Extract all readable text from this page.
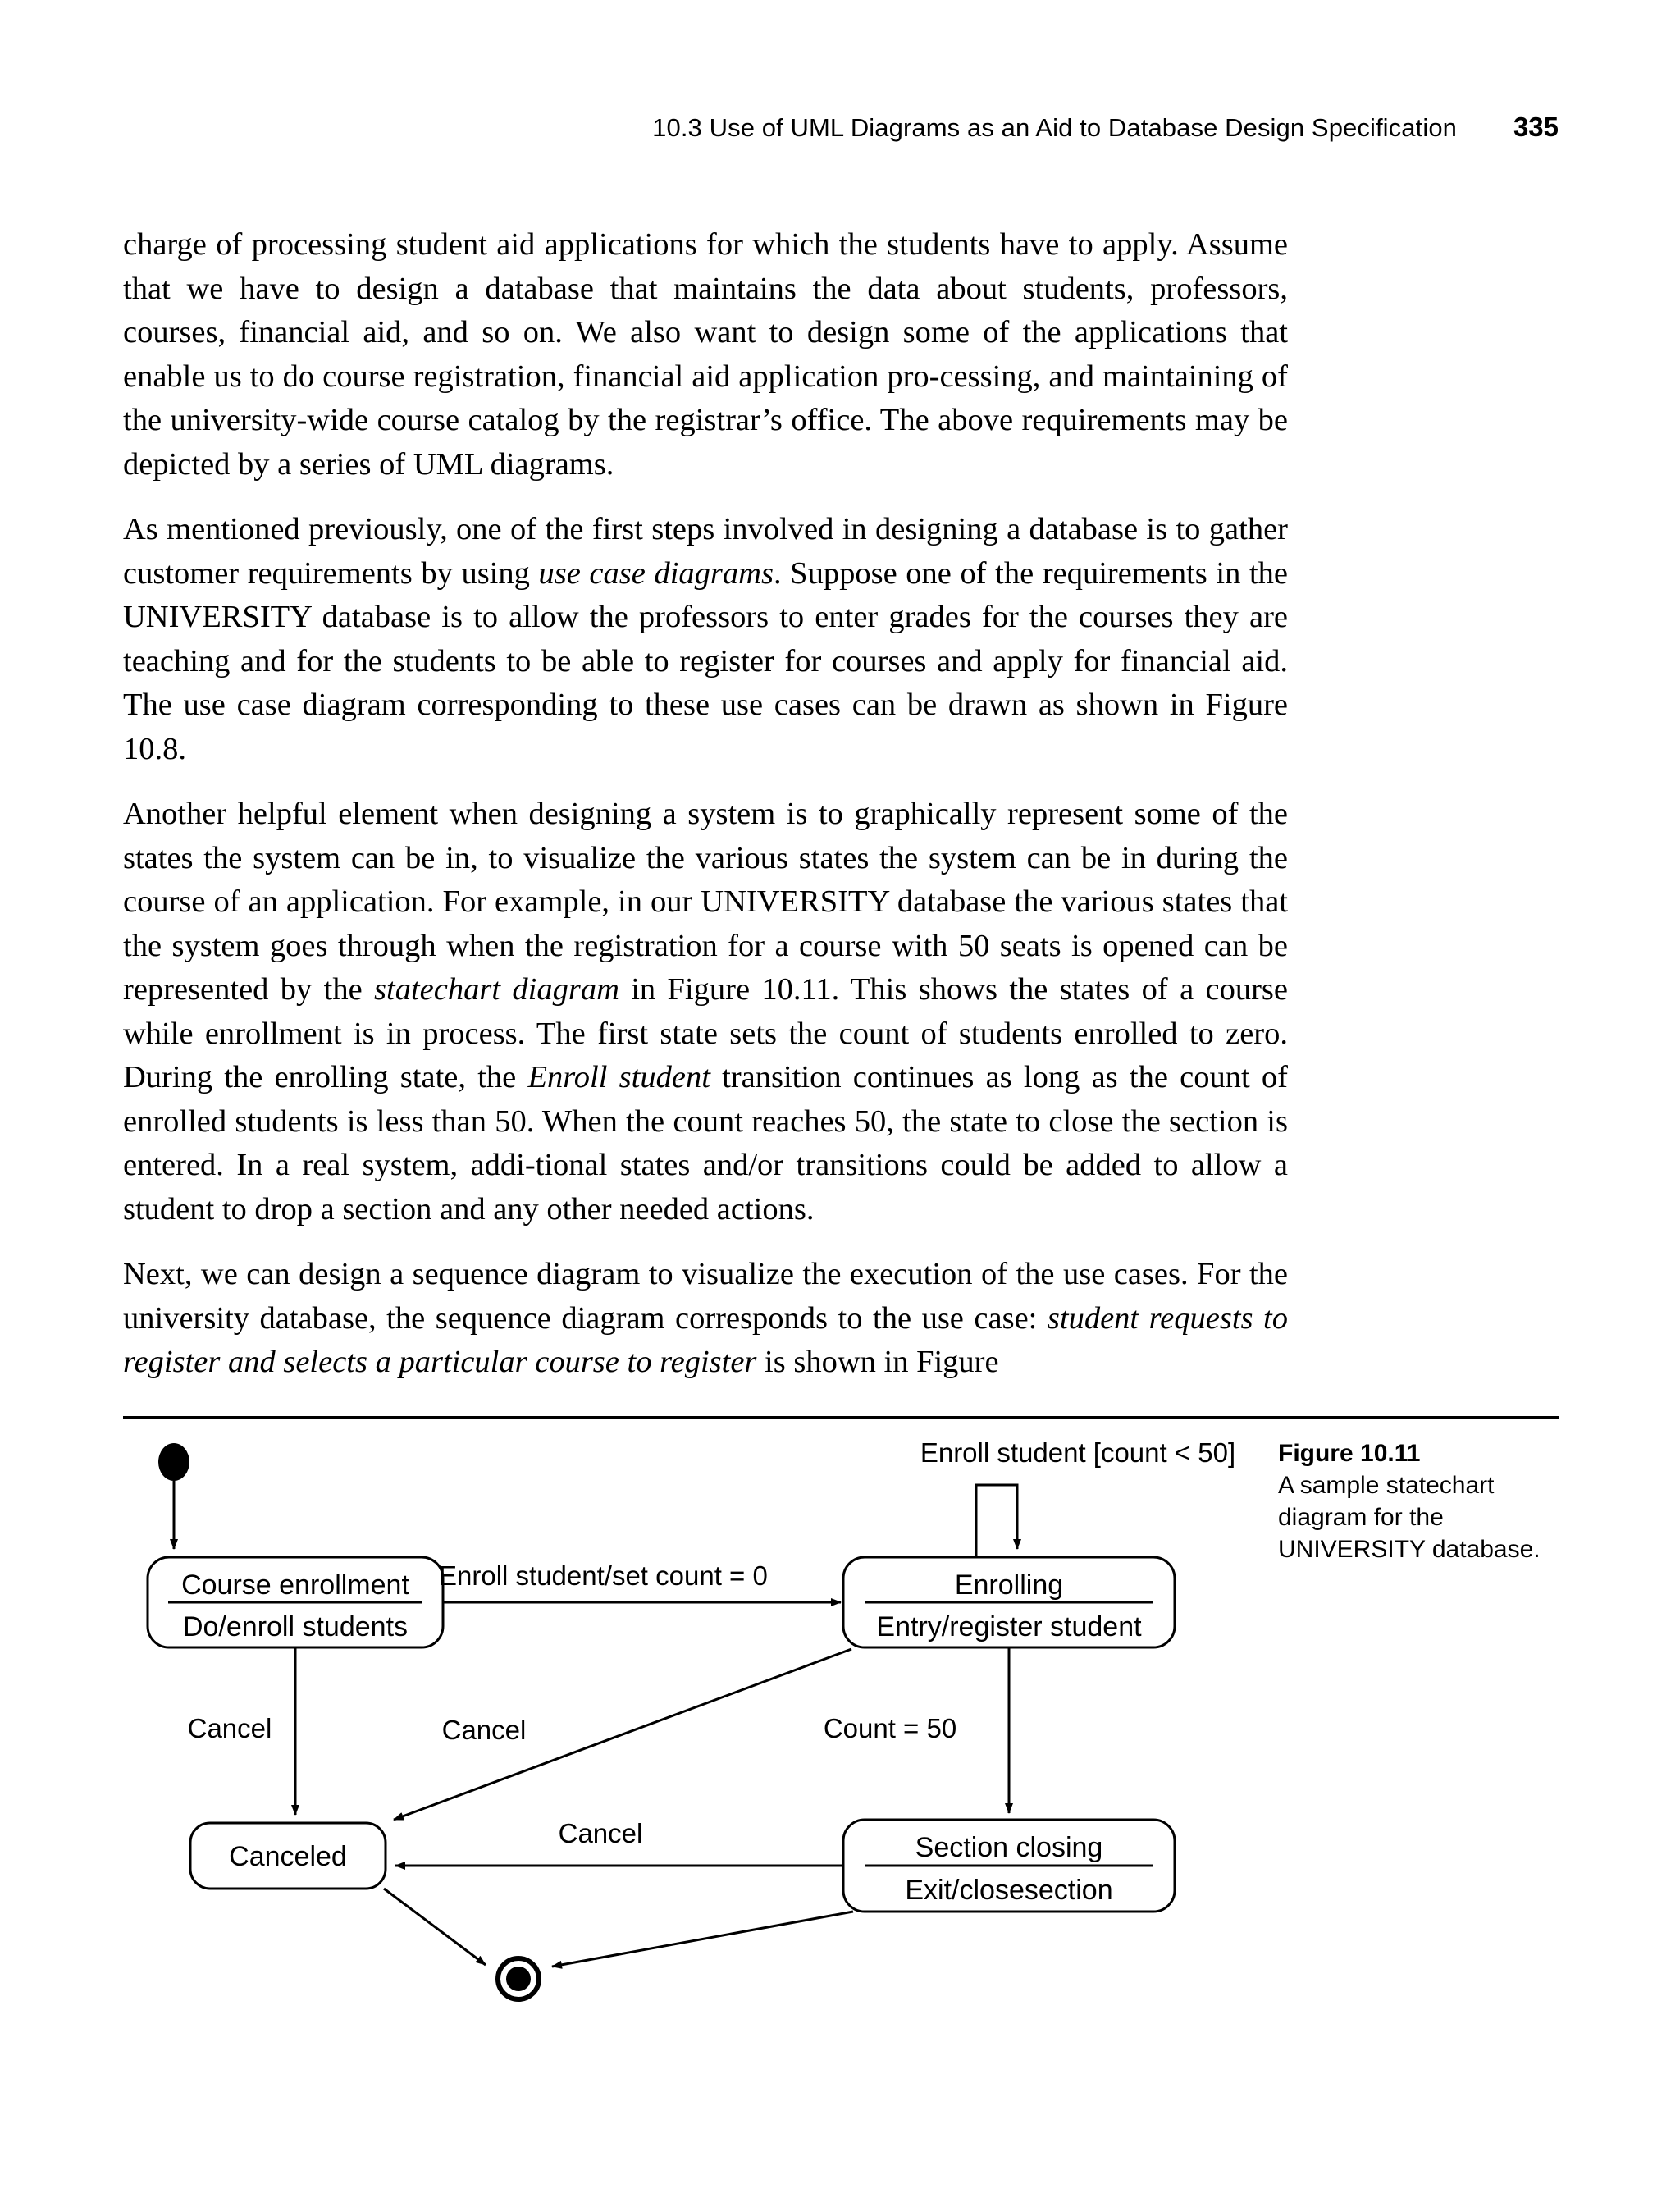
10.3 Use of UML Diagrams as an Aid to Database Design Specification 335

charge of processing student aid applications for which the students have to apply. Assume that we have to design a database that maintains the data about students, professors, courses, financial aid, and so on. We also want to design some of the applications that enable us to do course registration, financial aid application pro-cessing, and maintaining of the university-wide course catalog by the registrar’s office. The above requirements may be depicted by a series of UML diagrams.

As mentioned previously, one of the first steps involved in designing a database is to gather customer requirements by using use case diagrams. Suppose one of the requirements in the UNIVERSITY database is to allow the professors to enter grades for the courses they are teaching and for the students to be able to register for courses and apply for financial aid. The use case diagram corresponding to these use cases can be drawn as shown in Figure 10.8.

Another helpful element when designing a system is to graphically represent some of the states the system can be in, to visualize the various states the system can be in during the course of an application. For example, in our UNIVERSITY database the various states that the system goes through when the registration for a course with 50 seats is opened can be represented by the statechart diagram in Figure 10.11. This shows the states of a course while enrollment is in process. The first state sets the count of students enrolled to zero. During the enrolling state, the Enroll student transition continues as long as the count of enrolled students is less than 50. When the count reaches 50, the state to close the section is entered. In a real system, addi-tional states and/or transitions could be added to allow a student to drop a section and any other needed actions.

Next, we can design a sequence diagram to visualize the execution of the use cases. For the university database, the sequence diagram corresponds to the use case: student requests to register and selects a particular course to register is shown in Figure

Figure 10.11
A sample statechart diagram for the UNIVERSITY database.
Course enrollment
Do/enroll students
Enroll student/set count = 0	Enrolling
Entry/register student
Enroll student [count < 50]
Cancel	Cancel	Count = 50
Canceled	Section closing
Exit/closesection
Cancel
